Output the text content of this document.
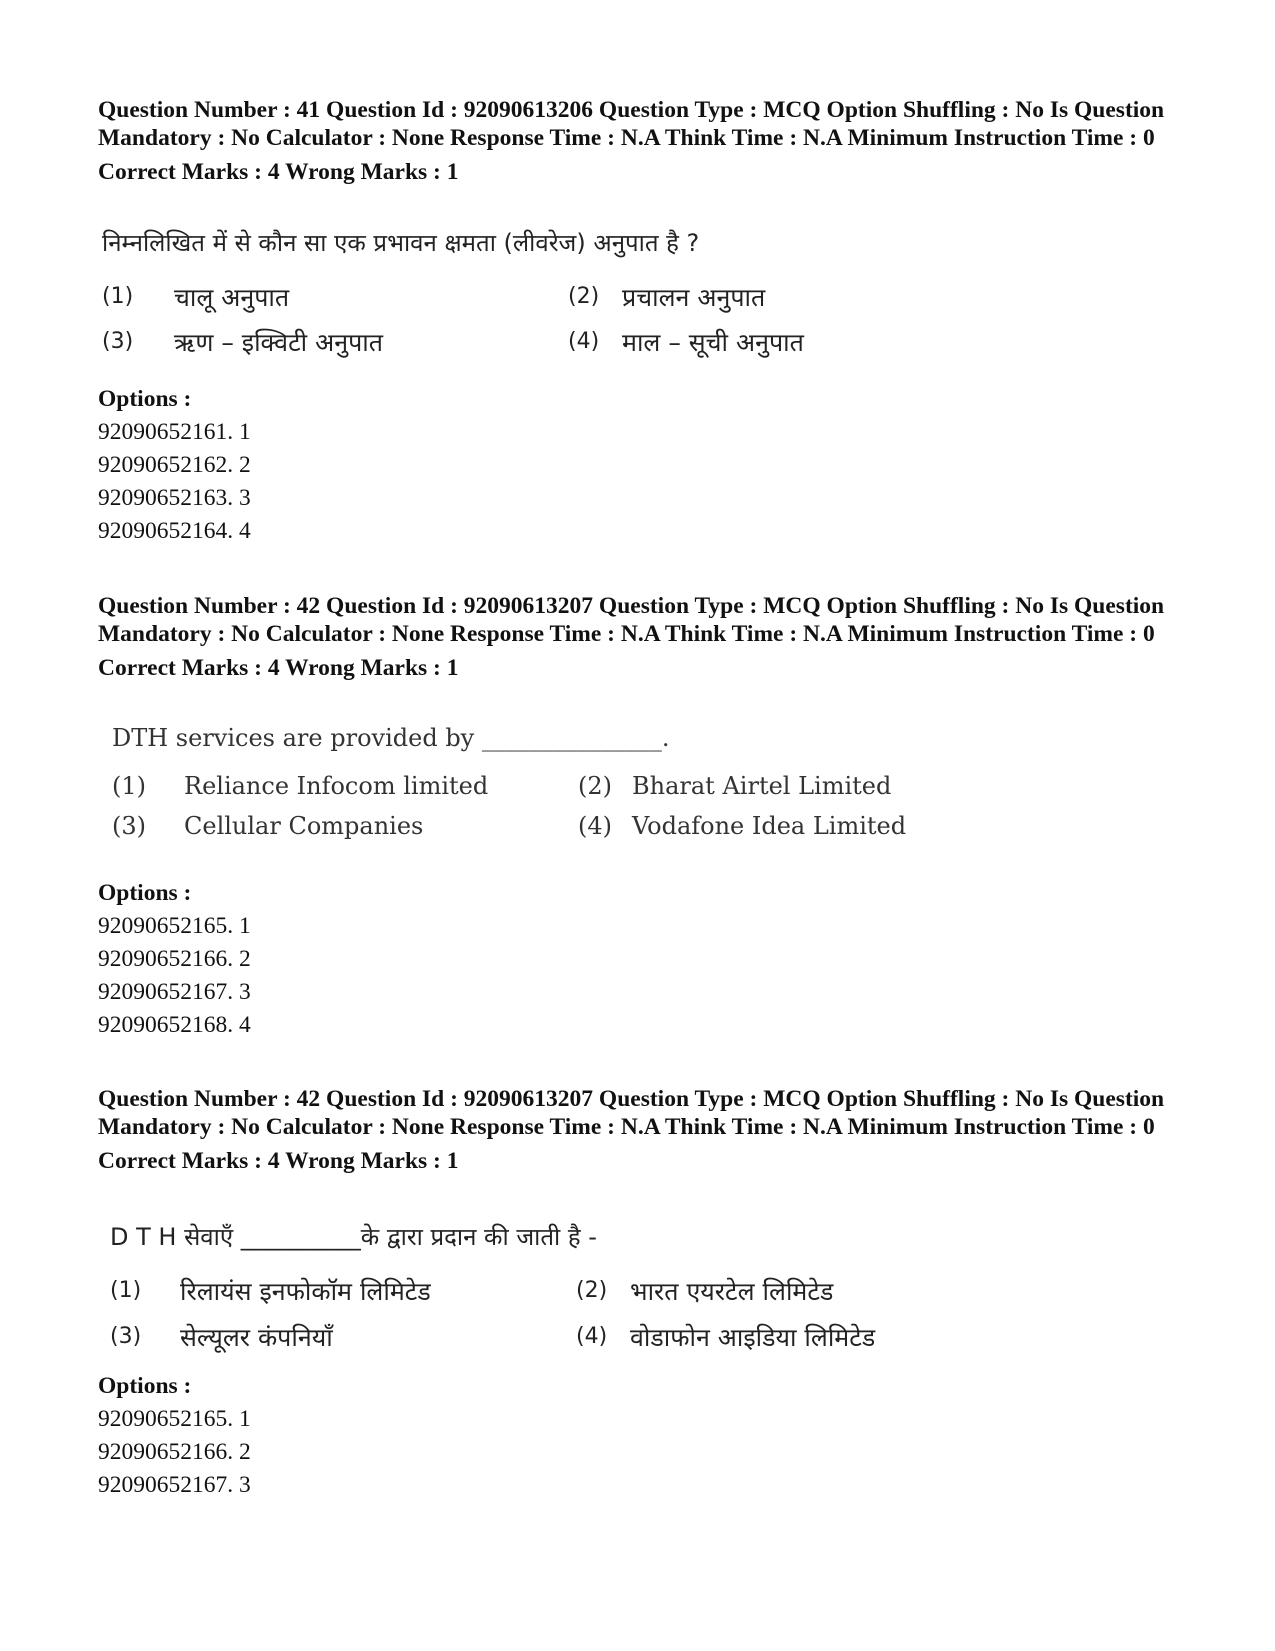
Question Number : 41 Question Id : 92090613206 Question Type : MCQ Option Shuffling : No Is Question Mandatory : No Calculator : None Response Time : N.A Think Time : N.A Minimum Instruction Time : 0

Correct Marks : 4 Wrong Marks : 1

निम्नलिखित में से कौन सा एक प्रभावन क्षमता (लीवरेज) अनुपात है ?
(1) चालू अनुपात	(2) प्रचालन अनुपात
(3) ऋण – इक्विटी अनुपात	(4) माल – सूची अनुपात
Options :
92090652161. 1
92090652162. 2
92090652163. 3
92090652164. 4

Question Number : 42 Question Id : 92090613207 Question Type : MCQ Option Shuffling : No Is Question Mandatory : No Calculator : None Response Time : N.A Think Time : N.A Minimum Instruction Time : 0

Correct Marks : 4 Wrong Marks : 1

DTH services are provided by _______________.
(1) Reliance Infocom limited	(2) Bharat Airtel Limited
(3) Cellular Companies	(4) Vodafone Idea Limited
Options :
92090652165. 1
92090652166. 2
92090652167. 3
92090652168. 4

Question Number : 42 Question Id : 92090613207 Question Type : MCQ Option Shuffling : No Is Question Mandatory : No Calculator : None Response Time : N.A Think Time : N.A Minimum Instruction Time : 0

Correct Marks : 4 Wrong Marks : 1

D T H सेवाएँ __________के द्वारा प्रदान की जाती है -
(1) रिलायंस इनफोकॉम लिमिटेड	(2) भारत एयरटेल लिमिटेड
(3) सेल्यूलर कंपनियाँ	(4) वोडाफोन आइडिया लिमिटेड
Options :
92090652165. 1
92090652166. 2
92090652167. 3
